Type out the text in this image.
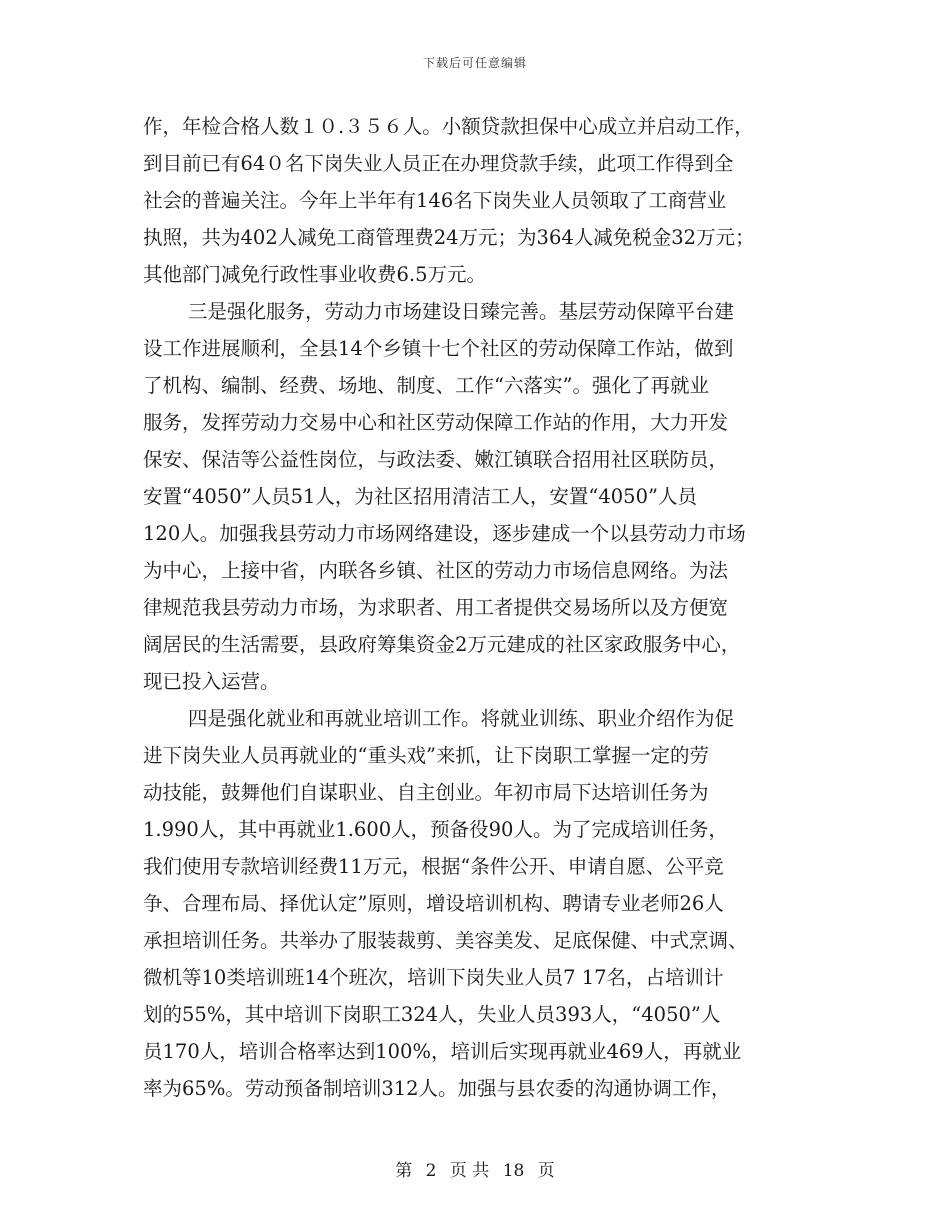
下载后可任意编辑
作，年检合格人数１０.３５６人。小额贷款担保中心成立并启动工作，
到目前已有64０名下岗失业人员正在办理贷款手续，此项工作得到全
社会的普遍关注。今年上半年有146名下岗失业人员领取了工商营业
执照，共为402人减免工商管理费24万元；为364人减免税金32万元；
其他部门减免行政性事业收费6.5万元。
三是强化服务，劳动力市场建设日臻完善。基层劳动保障平台建
设工作进展顺利，全县14个乡镇十七个社区的劳动保障工作站，做到
了机构、编制、经费、场地、制度、工作“六落实”。强化了再就业
服务，发挥劳动力交易中心和社区劳动保障工作站的作用，大力开发
保安、保洁等公益性岗位，与政法委、嫩江镇联合招用社区联防员，
安置“4050”人员51人，为社区招用清洁工人，安置“4050”人员
120人。加强我县劳动力市场网络建设，逐步建成一个以县劳动力市场
为中心，上接中省，内联各乡镇、社区的劳动力市场信息网络。为法
律规范我县劳动力市场，为求职者、用工者提供交易场所以及方便宽
阔居民的生活需要，县政府筹集资金2万元建成的社区家政服务中心，
现已投入运营。
四是强化就业和再就业培训工作。将就业训练、职业介绍作为促
进下岗失业人员再就业的“重头戏”来抓，让下岗职工掌握一定的劳
动技能，鼓舞他们自谋职业、自主创业。年初市局下达培训任务为
1.990人，其中再就业1.600人，预备役90人。为了完成培训任务，
我们使用专款培训经费11万元，根据“条件公开、申请自愿、公平竞
争、合理布局、择优认定”原则，增设培训机构、聘请专业老师26人
承担培训任务。共举办了服装裁剪、美容美发、足底保健、中式烹调、
微机等10类培训班14个班次，培训下岗失业人员7 17名，占培训计
划的55%，其中培训下岗职工324人，失业人员393人，“4050”人
员170人，培训合格率达到100%，培训后实现再就业469人，再就业
率为65%。劳动预备制培训312人。加强与县农委的沟通协调工作，
第 2 页 共 18 页
